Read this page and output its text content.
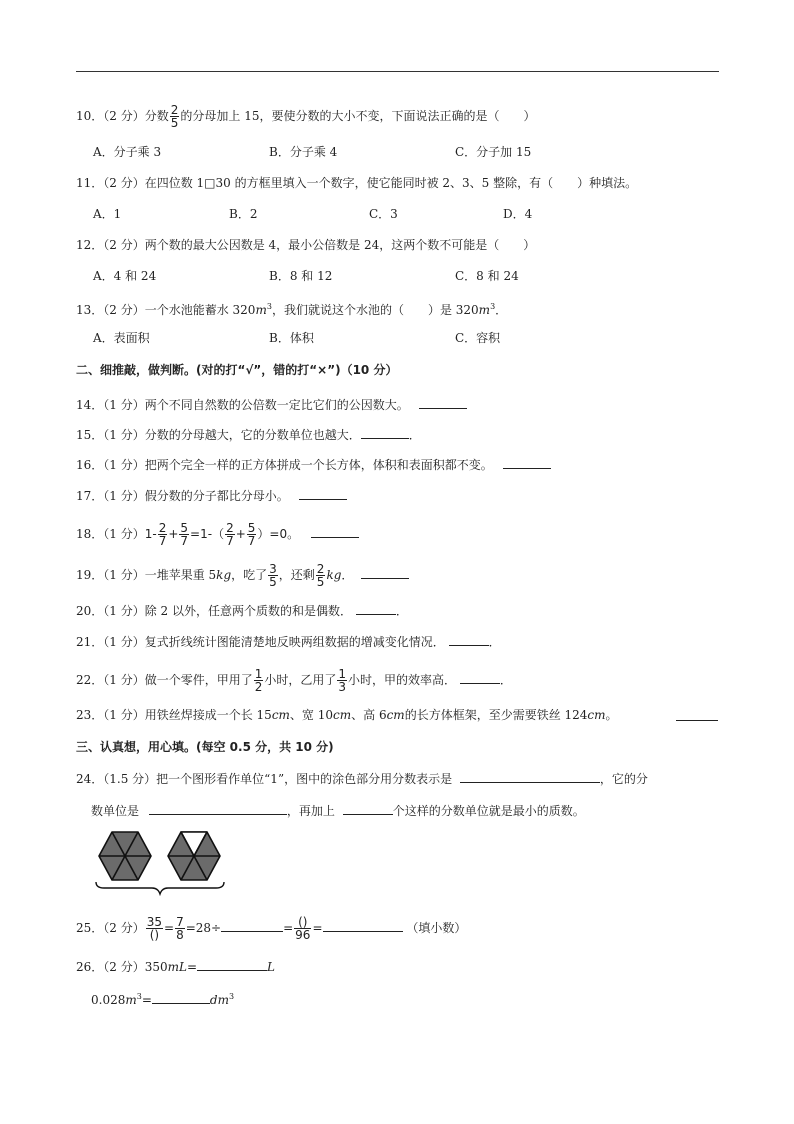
10．（2 分）分数 $\frac{2}{5}$ 的分母加上 15，要使分数的大小不变，下面说法正确的是（　　）
A．分子乘 3	B．分子乘 4	C．分子加 15
11．（2 分）在四位数 1□30 的方框里填入一个数字，使它能同时被 2、3、5 整除，有（　　）种填法。
A．1	B．2	C．3	D．4
12．（2 分）两个数的最大公因数是 4，最小公倍数是 24，这两个数不可能是（　　）
A．4 和 24	B．8 和 12	C．8 和 24
13．（2 分）一个水池能蓄水 $320m^3$，我们就说这个水池的（　　）是 $320m^3$．
A．表面积	B．体积	C．容积
二、细推敲，做判断。(对的打“√”，错的打“×”)（10 分）
14．（1 分）两个不同自然数的公倍数一定比它们的公因数大。
15．（1 分）分数的分母越大，它的分数单位也越大．	．
16．（1 分）把两个完全一样的正方体拼成一个长方体，体积和表面积都不变。
17．（1 分）假分数的分子都比分母小。
18．（1 分）$1- \frac{2}{7} + \frac{5}{7} =1-( \frac{2}{7} + \frac{5}{7} )=0$。
19．（1 分）一堆苹果重 5kg，吃了 $\frac{3}{5}$ ，还剩 $\frac{2}{5}$ kg．
20．（1 分）除 2 以外，任意两个质数的和是偶数．	．
21．（1 分）复式折线统计图能清楚地反映两组数据的增减变化情况．	．
22．（1 分）做一个零件，甲用了 $\frac{1}{2}$ 小时，乙用了 $\frac{1}{3}$ 小时，甲的效率高．	．
23．（1 分）用铁丝焊接成一个长 15cm、宽 10cm、高 6cm的长方体框架，至少需要铁丝 124cm。
三、认真想，用心填。(每空 0.5 分，共 10 分)
24．（1.5 分）把一个图形看作单位“1”，图中的涂色部分用分数表示是	，它的分
数单位是	，再加上	个这样的分数单位就是最小的质数。
25．（2 分） $\frac{35}{()} = \frac{7}{8} =28\div$	= $\frac{()}{96}$ =	（填小数）
26．（2 分）350mL=	L
$0.028m^3=$	$dm^3$
